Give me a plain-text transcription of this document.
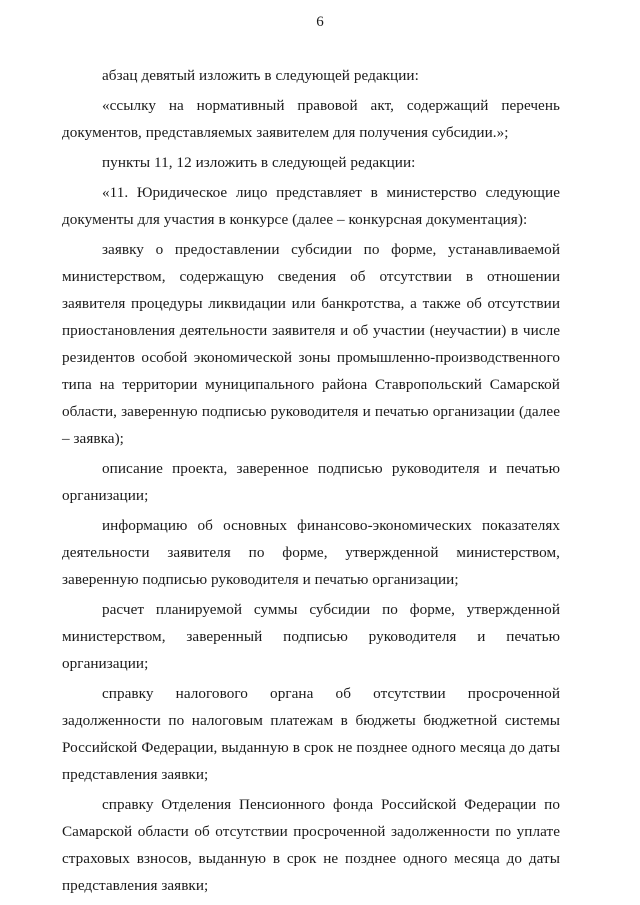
6

абзац девятый изложить в следующей редакции:

«ссылку на нормативный правовой акт, содержащий перечень документов, представляемых заявителем для получения субсидии.»;

пункты 11, 12 изложить в следующей редакции:

«11. Юридическое лицо представляет в министерство следующие документы для участия в конкурсе (далее – конкурсная документация):

заявку о предоставлении субсидии по форме, устанавливаемой министерством, содержащую сведения об отсутствии в отношении заявителя процедуры ликвидации или банкротства, а также об отсутствии приостановления деятельности заявителя и об участии (неучастии) в числе резидентов особой экономической зоны промышленно-производственного типа на территории муниципального района Ставропольский Самарской области, заверенную подписью руководителя и печатью организации (далее – заявка);

описание проекта, заверенное подписью руководителя и печатью организации;

информацию об основных финансово-экономических показателях деятельности заявителя по форме, утвержденной министерством, заверенную подписью руководителя и печатью организации;

расчет планируемой суммы субсидии по форме, утвержденной министерством, заверенный подписью руководителя и печатью организации;

справку налогового органа об отсутствии просроченной задолженности по налоговым платежам в бюджеты бюджетной системы Российской Федерации, выданную в срок не позднее одного месяца до даты представления заявки;

справку Отделения Пенсионного фонда Российской Федерации по Самарской области об отсутствии просроченной задолженности по уплате страховых взносов, выданную в срок не позднее одного месяца до даты представления заявки;
